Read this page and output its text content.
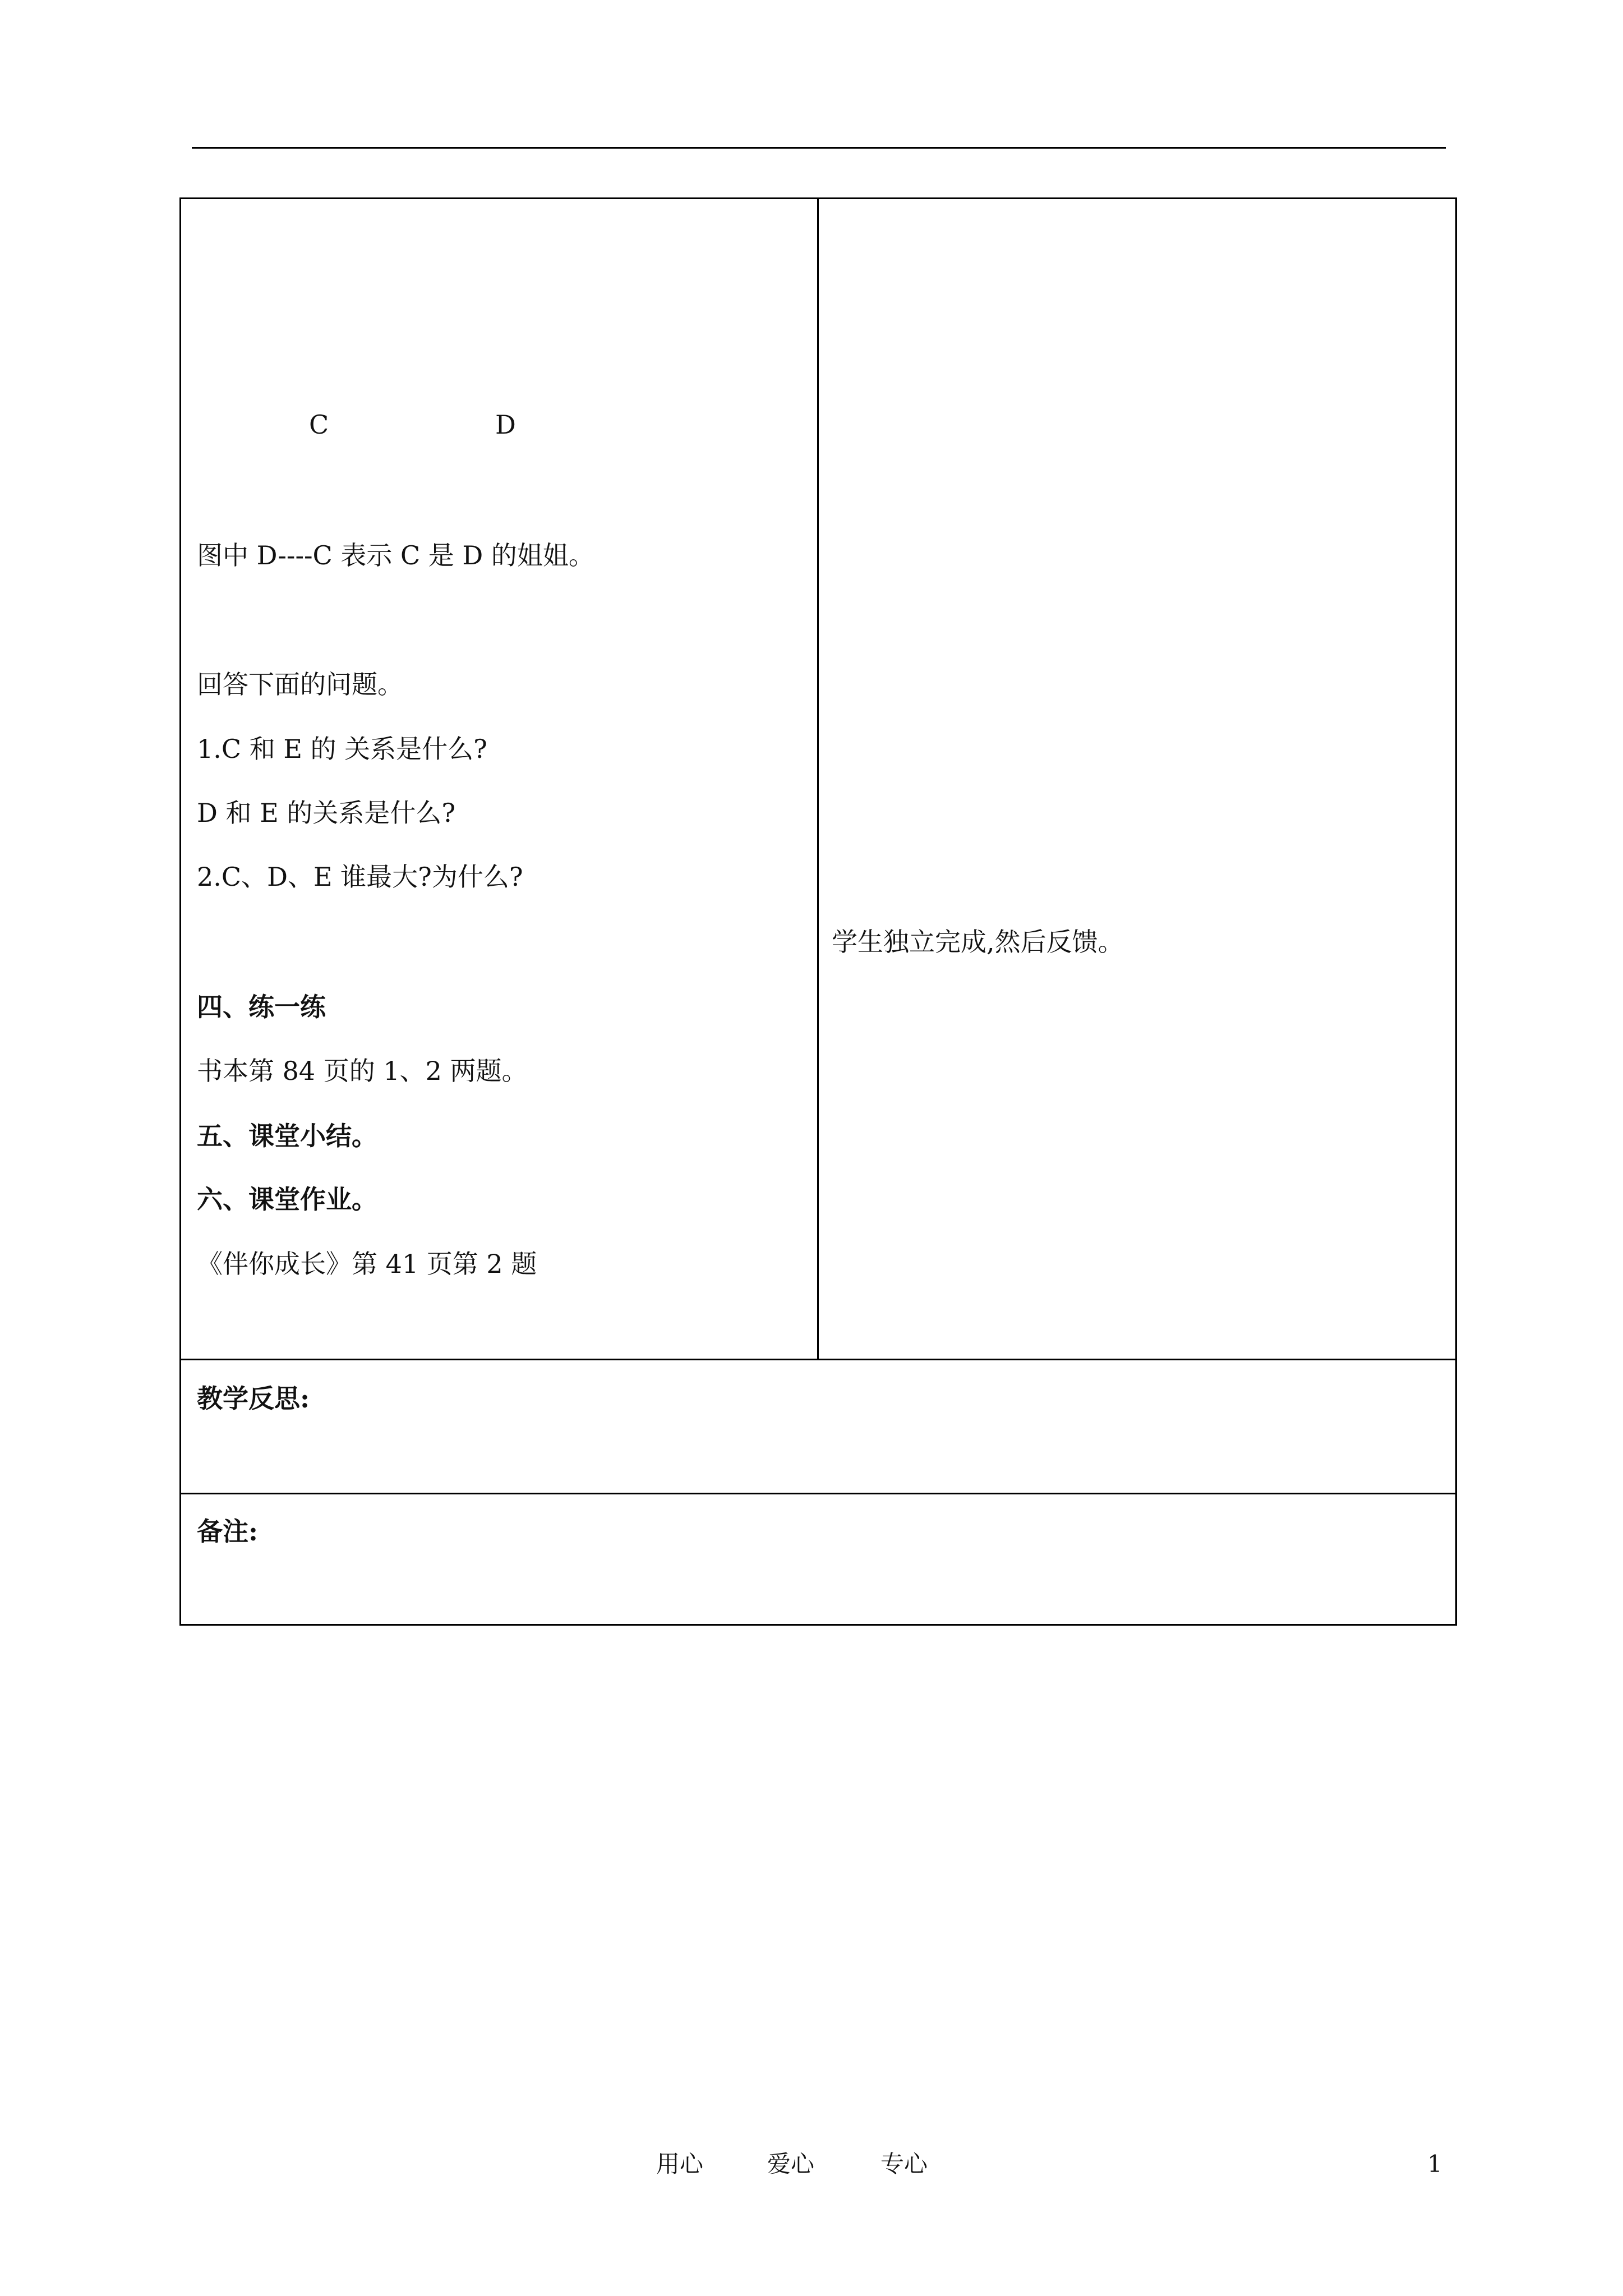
C	D
图中 D----C 表示 C 是 D 的姐姐。
回答下面的问题。
1.C 和 E 的 关系是什么?
D 和 E 的关系是什么?
2.C、D、E 谁最大?为什么?
四、练一练
书本第 84 页的 1、2 两题。
五、课堂小结。
六、课堂作业。
《伴你成长》第 41 页第 2 题
学生独立完成,然后反馈。
教学反思:
备注:
用心	爱心	专心	1
